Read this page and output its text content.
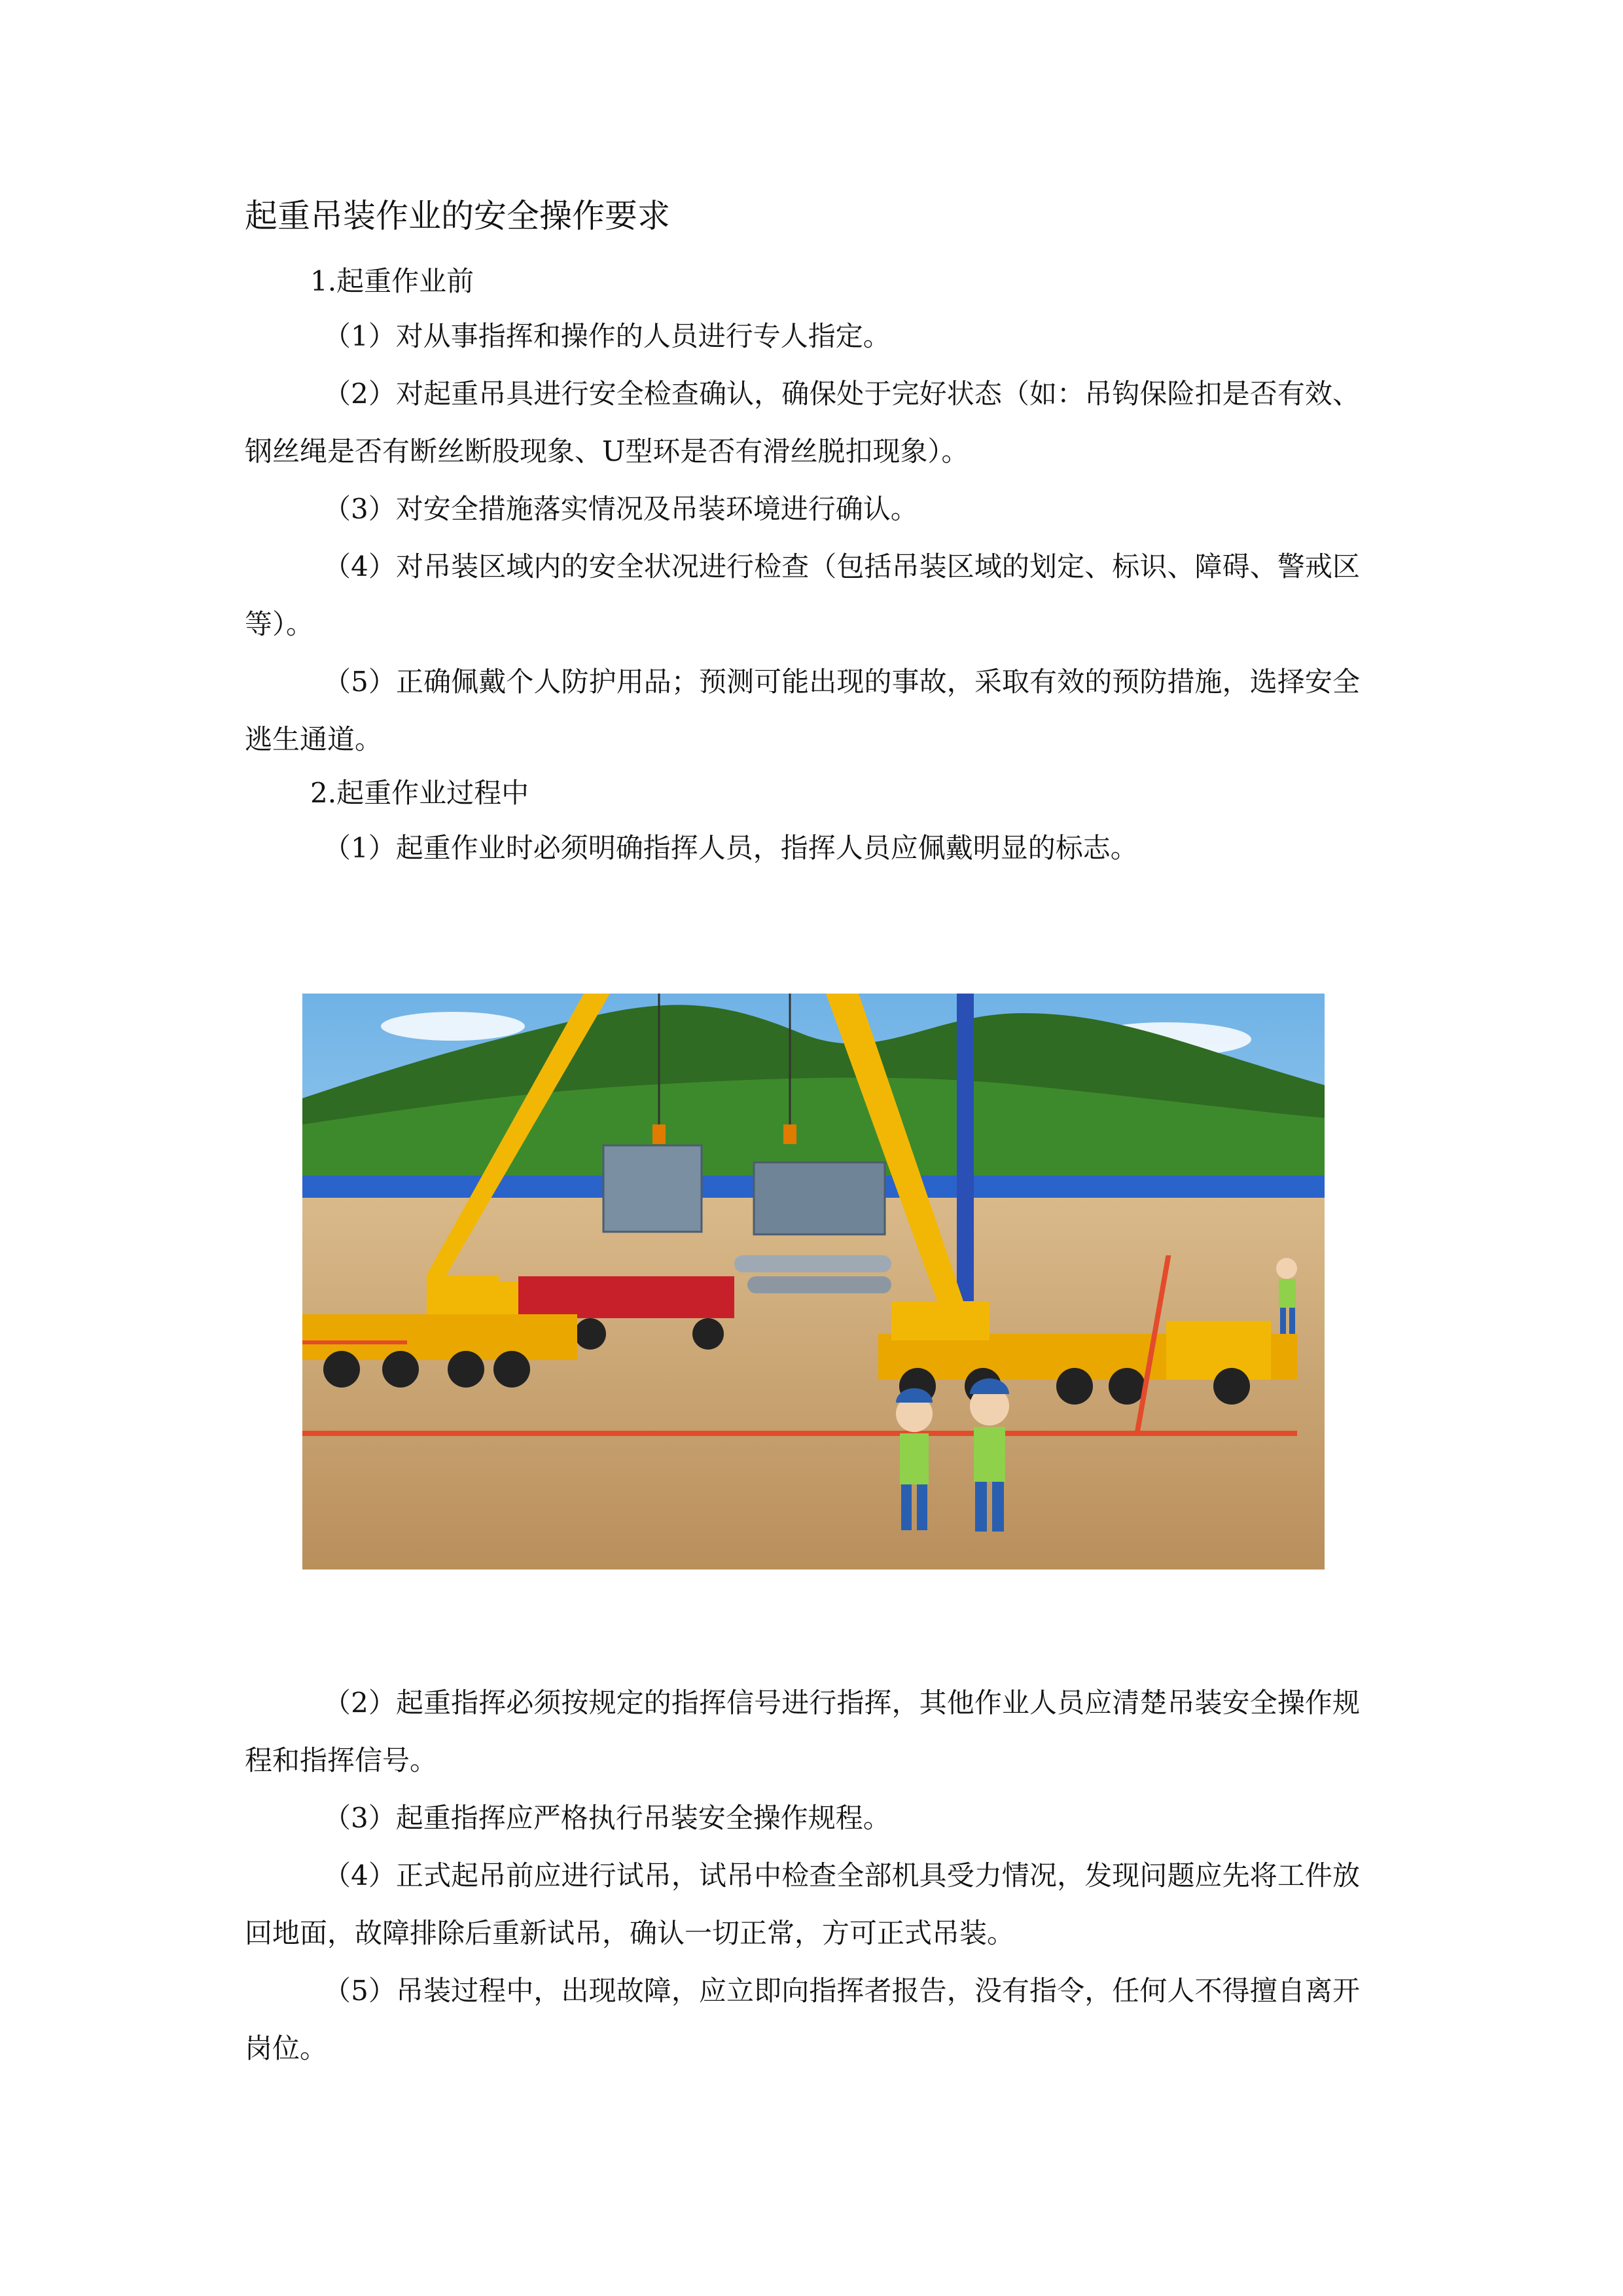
起重吊装作业的安全操作要求
1.起重作业前

（1）对从事指挥和操作的人员进行专人指定。

（2）对起重吊具进行安全检查确认，确保处于完好状态（如：吊钩保险扣是否有效、钢丝绳是否有断丝断股现象、U型环是否有滑丝脱扣现象）。

（3）对安全措施落实情况及吊装环境进行确认。

（4）对吊装区域内的安全状况进行检查（包括吊装区域的划定、标识、障碍、警戒区等）。

（5）正确佩戴个人防护用品；预测可能出现的事故，采取有效的预防措施，选择安全逃生通道。

2.起重作业过程中

（1）起重作业时必须明确指挥人员，指挥人员应佩戴明显的标志。

（2）起重指挥必须按规定的指挥信号进行指挥，其他作业人员应清楚吊装安全操作规程和指挥信号。

（3）起重指挥应严格执行吊装安全操作规程。

（4）正式起吊前应进行试吊，试吊中检查全部机具受力情况，发现问题应先将工件放回地面，故障排除后重新试吊，确认一切正常，方可正式吊装。

（5）吊装过程中，出现故障，应立即向指挥者报告，没有指令，任何人不得擅自离开岗位。
